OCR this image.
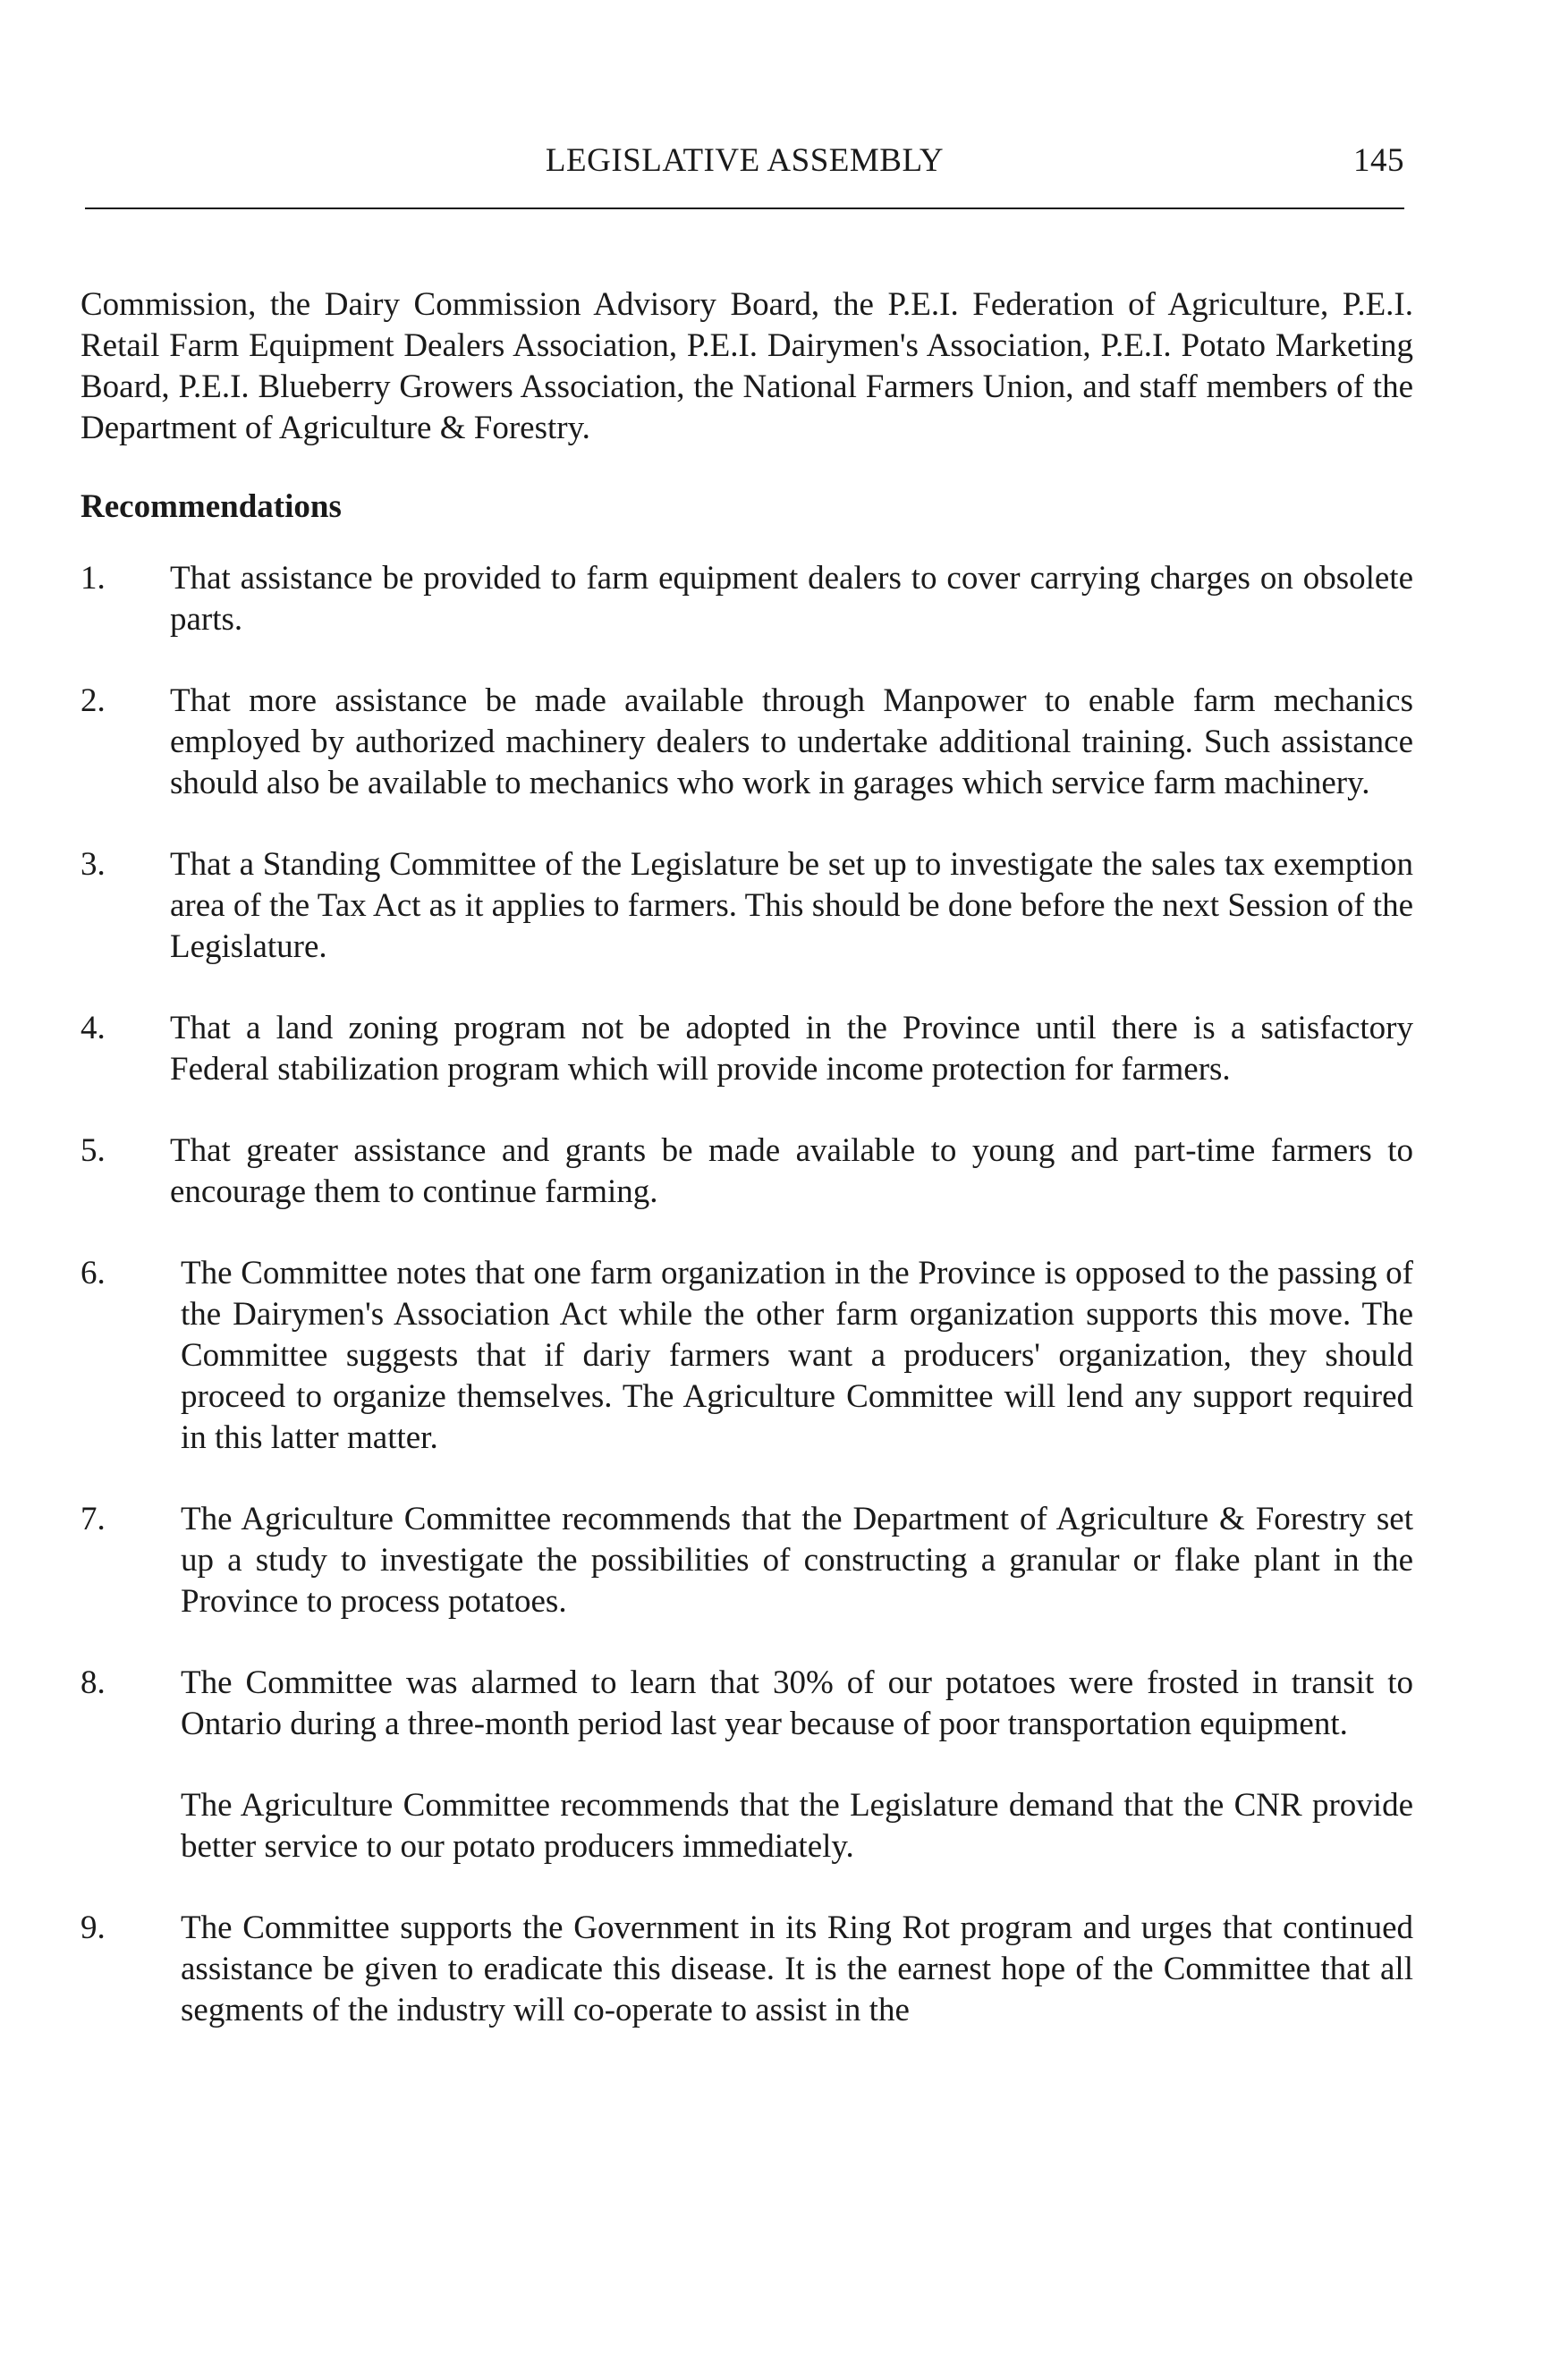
LEGISLATIVE ASSEMBLY	145

Commission, the Dairy Commission Advisory Board, the P.E.I. Federation of Agriculture, P.E.I. Retail Farm Equipment Dealers Association, P.E.I. Dairymen's Association, P.E.I. Potato Marketing Board, P.E.I. Blueberry Growers Association, the National Farmers Union, and staff members of the Department of Agriculture & Forestry.

Recommendations
1.	That assistance be provided to farm equipment dealers to cover carrying charges on obsolete parts.

2.	That more assistance be made available through Manpower to enable farm mechanics employed by authorized machinery dealers to undertake additional training. Such assistance should also be available to mechanics who work in garages which service farm machinery.

3.	That a Standing Committee of the Legislature be set up to investigate the sales tax exemption area of the Tax Act as it applies to farmers. This should be done before the next Session of the Legislature.

4.	That a land zoning program not be adopted in the Province until there is a satisfactory Federal stabilization program which will provide income protection for farmers.

5.	That greater assistance and grants be made available to young and part-time farmers to encourage them to continue farming.

6.	The Committee notes that one farm organization in the Province is opposed to the passing of the Dairymen's Association Act while the other farm organization supports this move. The Committee suggests that if dariy farmers want a producers' organization, they should proceed to organize themselves. The Agriculture Committee will lend any support required in this latter matter.

7.	The Agriculture Committee recommends that the Department of Agriculture & Forestry set up a study to investigate the possibilities of constructing a granular or flake plant in the Province to process potatoes.

8.	The Committee was alarmed to learn that 30% of our potatoes were frosted in transit to Ontario during a three-month period last year because of poor transportation equipment.

The Agriculture Committee recommends that the Legislature demand that the CNR provide better service to our potato producers immediately.

9.	The Committee supports the Government in its Ring Rot program and urges that continued assistance be given to eradicate this disease. It is the earnest hope of the Committee that all segments of the industry will co-operate to assist in the
